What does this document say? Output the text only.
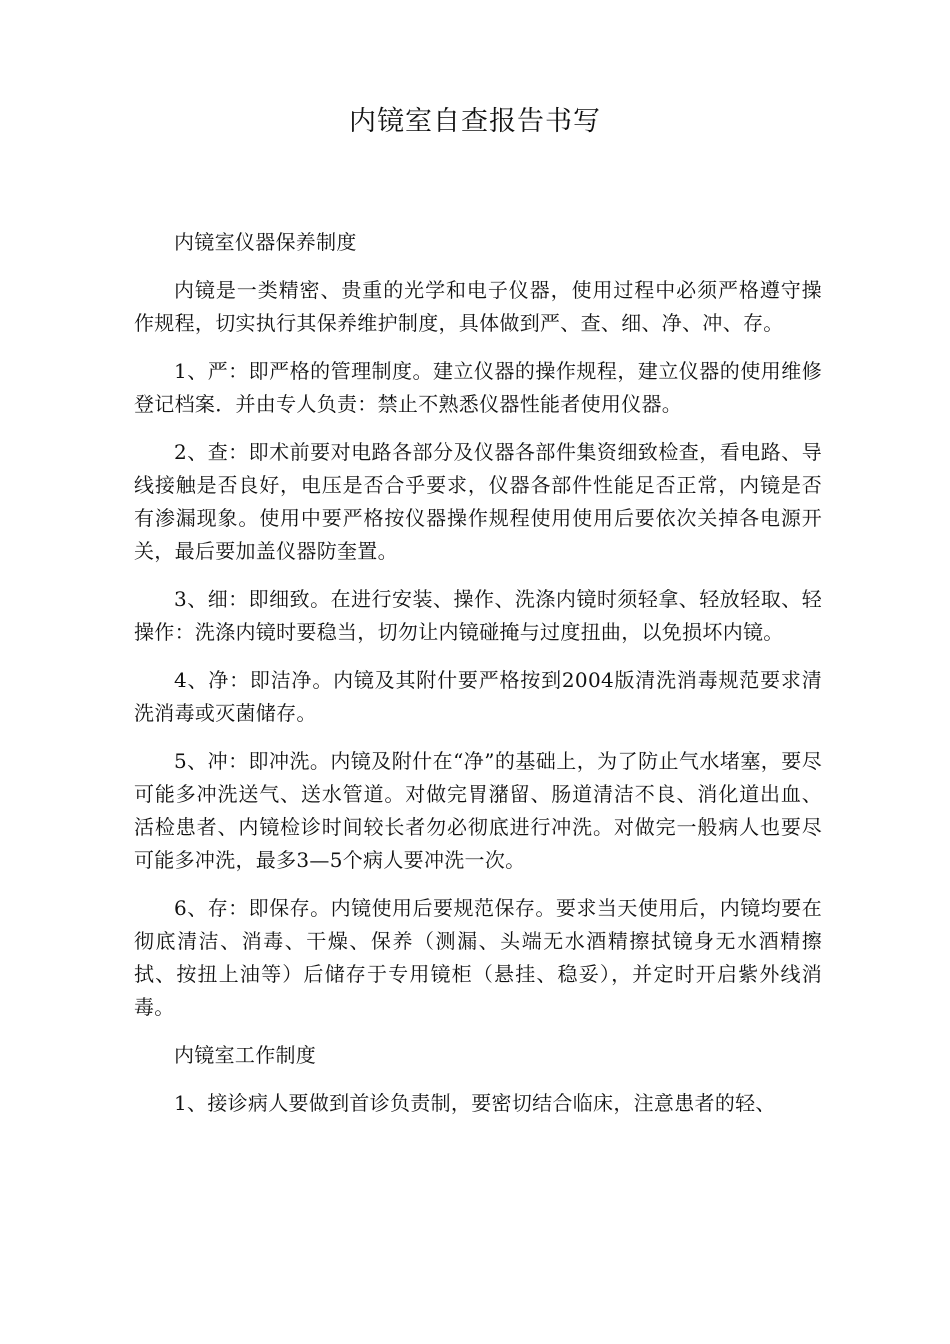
内镜室自查报告书写
内镜室仪器保养制度

内镜是一类精密、贵重的光学和电子仪器，使用过程中必须严格遵守操作规程，切实执行其保养维护制度，具体做到严、查、细、净、冲、存。

1、严：即严格的管理制度。建立仪器的操作规程，建立仪器的使用维修登记档案．并由专人负责：禁止不熟悉仪器性能者使用仪器。

2、查：即术前要对电路各部分及仪器各部件集资细致检查，看电路、导线接触是否良好，电压是否合乎要求，仪器各部件性能足否正常，内镜是否有渗漏现象。使用中要严格按仪器操作规程使用使用后要依次关掉各电源开关，最后要加盖仪器防奎置。

3、细：即细致。在进行安装、操作、洗涤内镜时须轻拿、轻放轻取、轻操作：洗涤内镜时要稳当，切勿让内镜碰掩与过度扭曲，以免损坏内镜。

4、净：即洁净。内镜及其附什要严格按到2004版清洗消毒规范要求清洗消毒或灭菌储存。

5、冲：即冲洗。内镜及附什在“净”的基础上，为了防止气水堵塞，要尽可能多冲洗送气、送水管道。对做完胃潴留、肠道清洁不良、消化道出血、活检患者、内镜检诊时间较长者勿必彻底进行冲洗。对做完一般病人也要尽可能多冲洗，最多3—5个病人要冲洗一次。

6、存：即保存。内镜使用后要规范保存。要求当天使用后，内镜均要在彻底清洁、消毒、干燥、保养（测漏、头端无水酒精擦拭镜身无水酒精擦拭、按扭上油等）后储存于专用镜柜（悬挂、稳妥），并定时开启紫外线消毒。

内镜室工作制度

1、接诊病人要做到首诊负责制，要密切结合临床，注意患者的轻、
